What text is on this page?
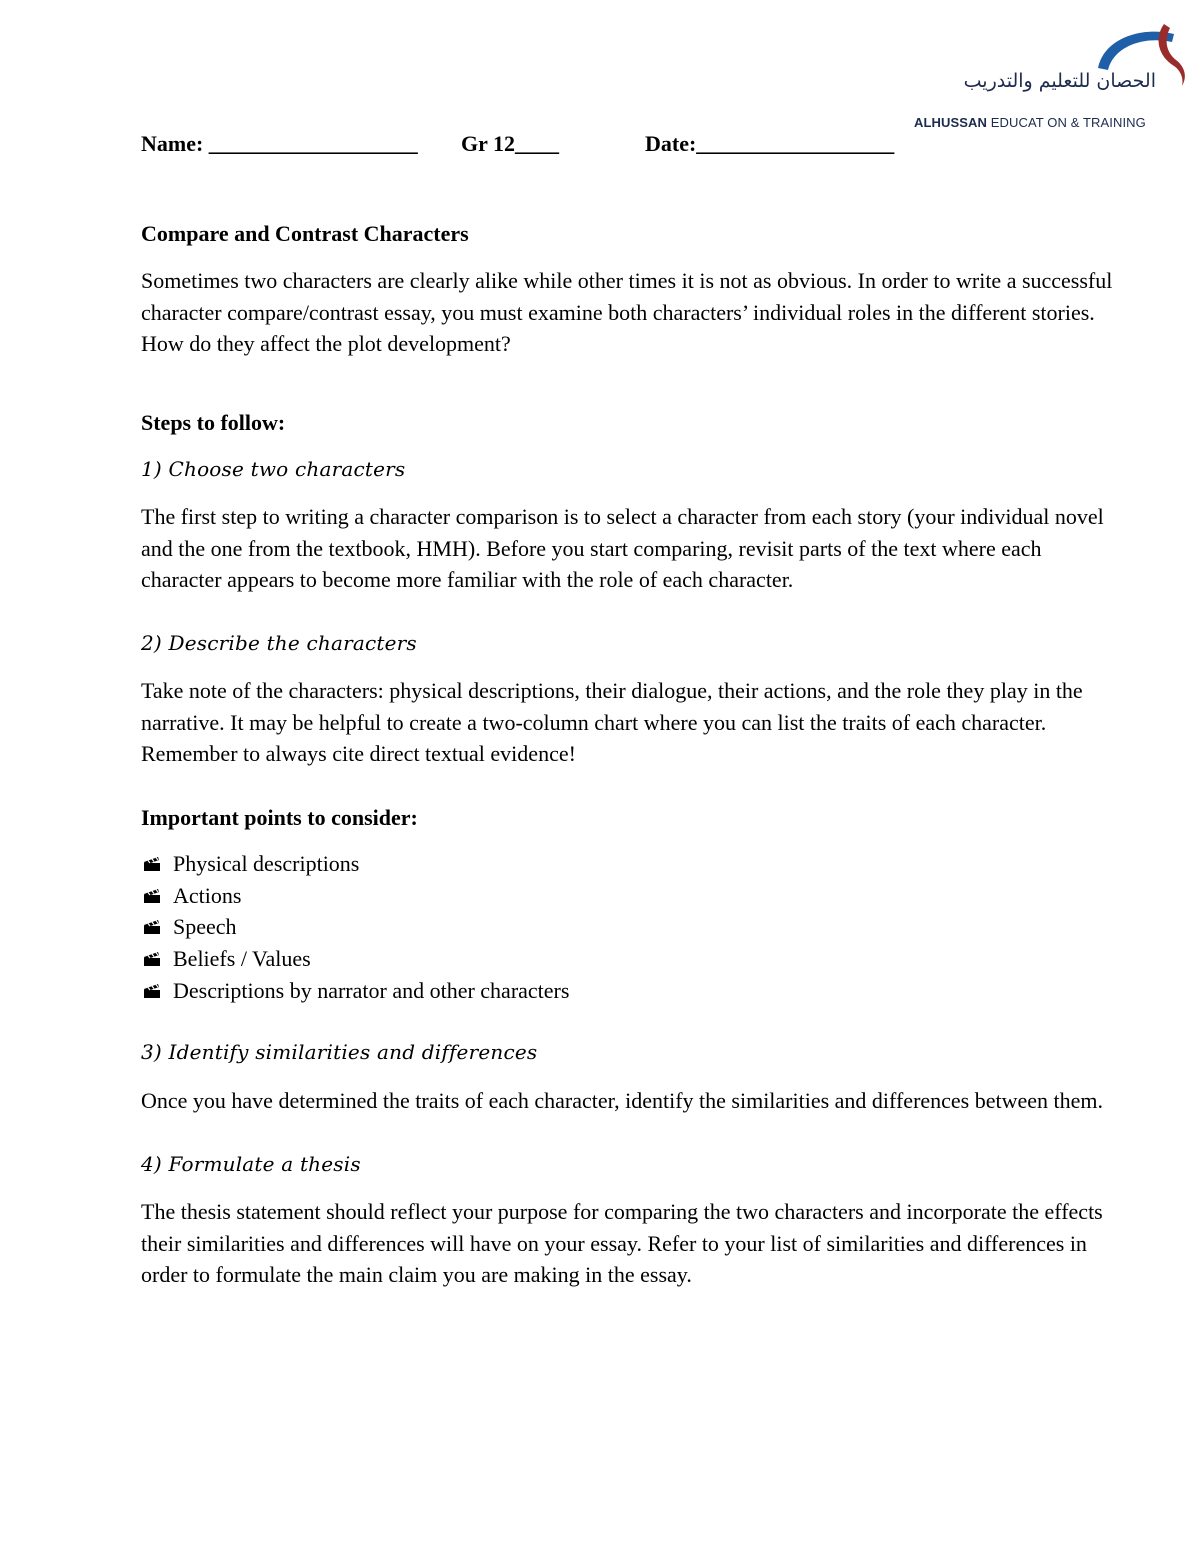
الحصان للتعليم والتدريب
ALHUSSAN EDUCAT ON & TRAINING
Name: ___________________ Gr 12____	Date:__________________
Compare and Contrast Characters
Sometimes two characters are clearly alike while other times it is not as obvious. In order to write a successful character compare/contrast essay, you must examine both characters’ individual roles in the different stories. How do they affect the plot development?
Steps to follow:
1) Choose two characters
The first step to writing a character comparison is to select a character from each story (your individual novel and the one from the textbook, HMH). Before you start comparing, revisit parts of the text where each character appears to become more familiar with the role of each character.
2) Describe the characters
Take note of the characters: physical descriptions, their dialogue, their actions, and the role they play in the narrative. It may be helpful to create a two-column chart where you can list the traits of each character. Remember to always cite direct textual evidence!
Important points to consider:
Physical descriptions
Actions
Speech
Beliefs / Values
Descriptions by narrator and other characters
3) Identify similarities and differences
Once you have determined the traits of each character, identify the similarities and differences between them.
4) Formulate a thesis
The thesis statement should reflect your purpose for comparing the two characters and incorporate the effects their similarities and differences will have on your essay. Refer to your list of similarities and differences in order to formulate the main claim you are making in the essay.
